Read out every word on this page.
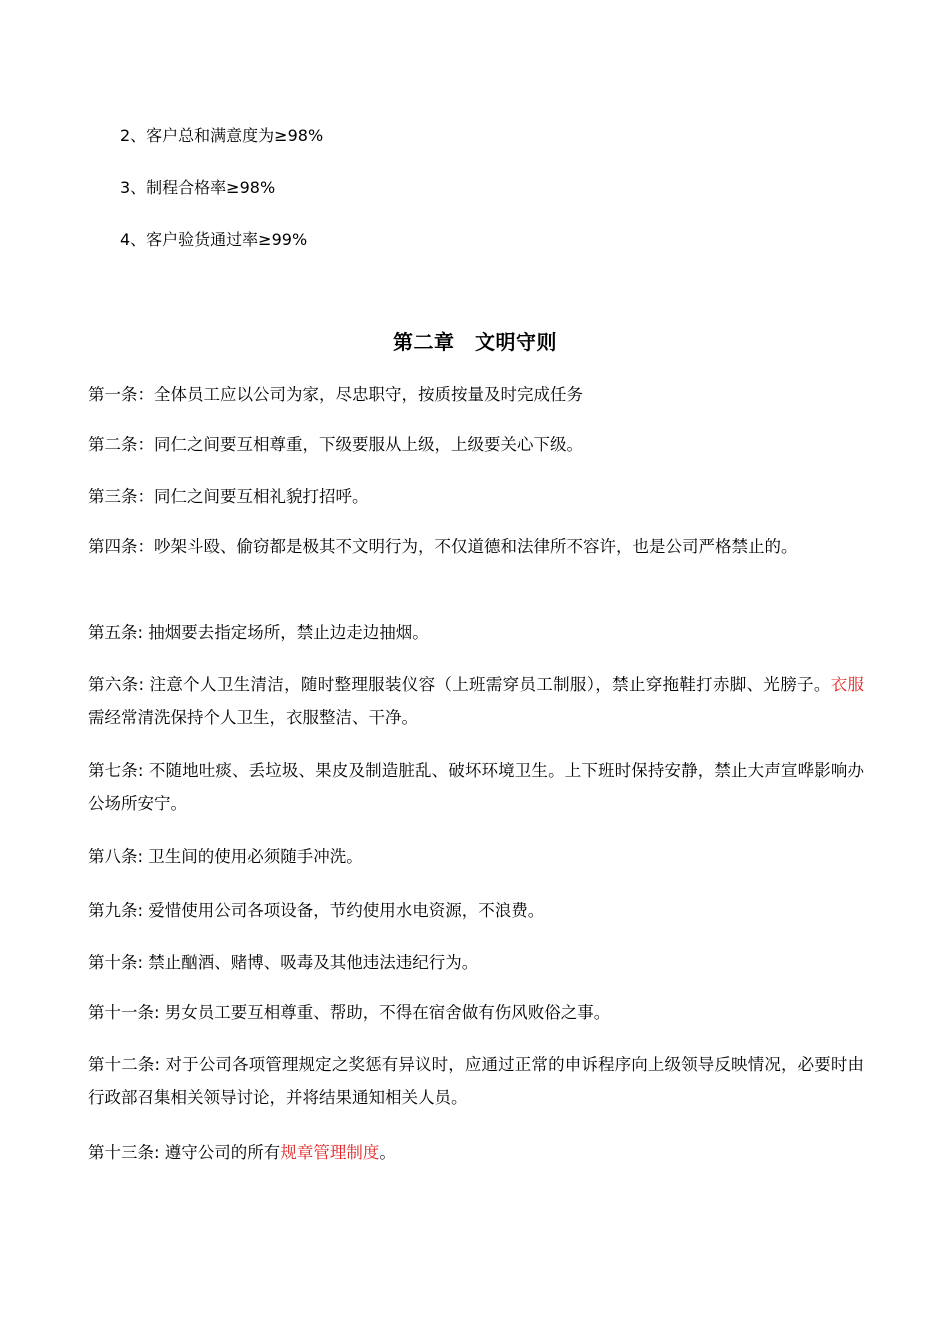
2、客户总和满意度为≥98%
3、制程合格率≥98%
4、客户验货通过率≥99%
第二章　文明守则
第一条：全体员工应以公司为家，尽忠职守，按质按量及时完成任务
第二条：同仁之间要互相尊重，下级要服从上级，上级要关心下级。
第三条：同仁之间要互相礼貌打招呼。
第四条：吵架斗殴、偷窃都是极其不文明行为，不仅道德和法律所不容许，也是公司严格禁止的。
第五条: 抽烟要去指定场所，禁止边走边抽烟。
第六条: 注意个人卫生清洁，随时整理服装仪容（上班需穿员工制服），禁止穿拖鞋打赤脚、光膀子。衣服需经常清洗保持个人卫生，衣服整洁、干净。
第七条: 不随地吐痰、丢垃圾、果皮及制造脏乱、破坏环境卫生。上下班时保持安静，禁止大声宣哗影响办公场所安宁。
第八条: 卫生间的使用必须随手冲洗。
第九条: 爱惜使用公司各项设备，节约使用水电资源，不浪费。
第十条: 禁止酗酒、赌博、吸毒及其他违法违纪行为。
第十一条: 男女员工要互相尊重、帮助，不得在宿舍做有伤风败俗之事。
第十二条: 对于公司各项管理规定之奖惩有异议时，应通过正常的申诉程序向上级领导反映情况，必要时由行政部召集相关领导讨论，并将结果通知相关人员。
第十三条: 遵守公司的所有规章管理制度。
